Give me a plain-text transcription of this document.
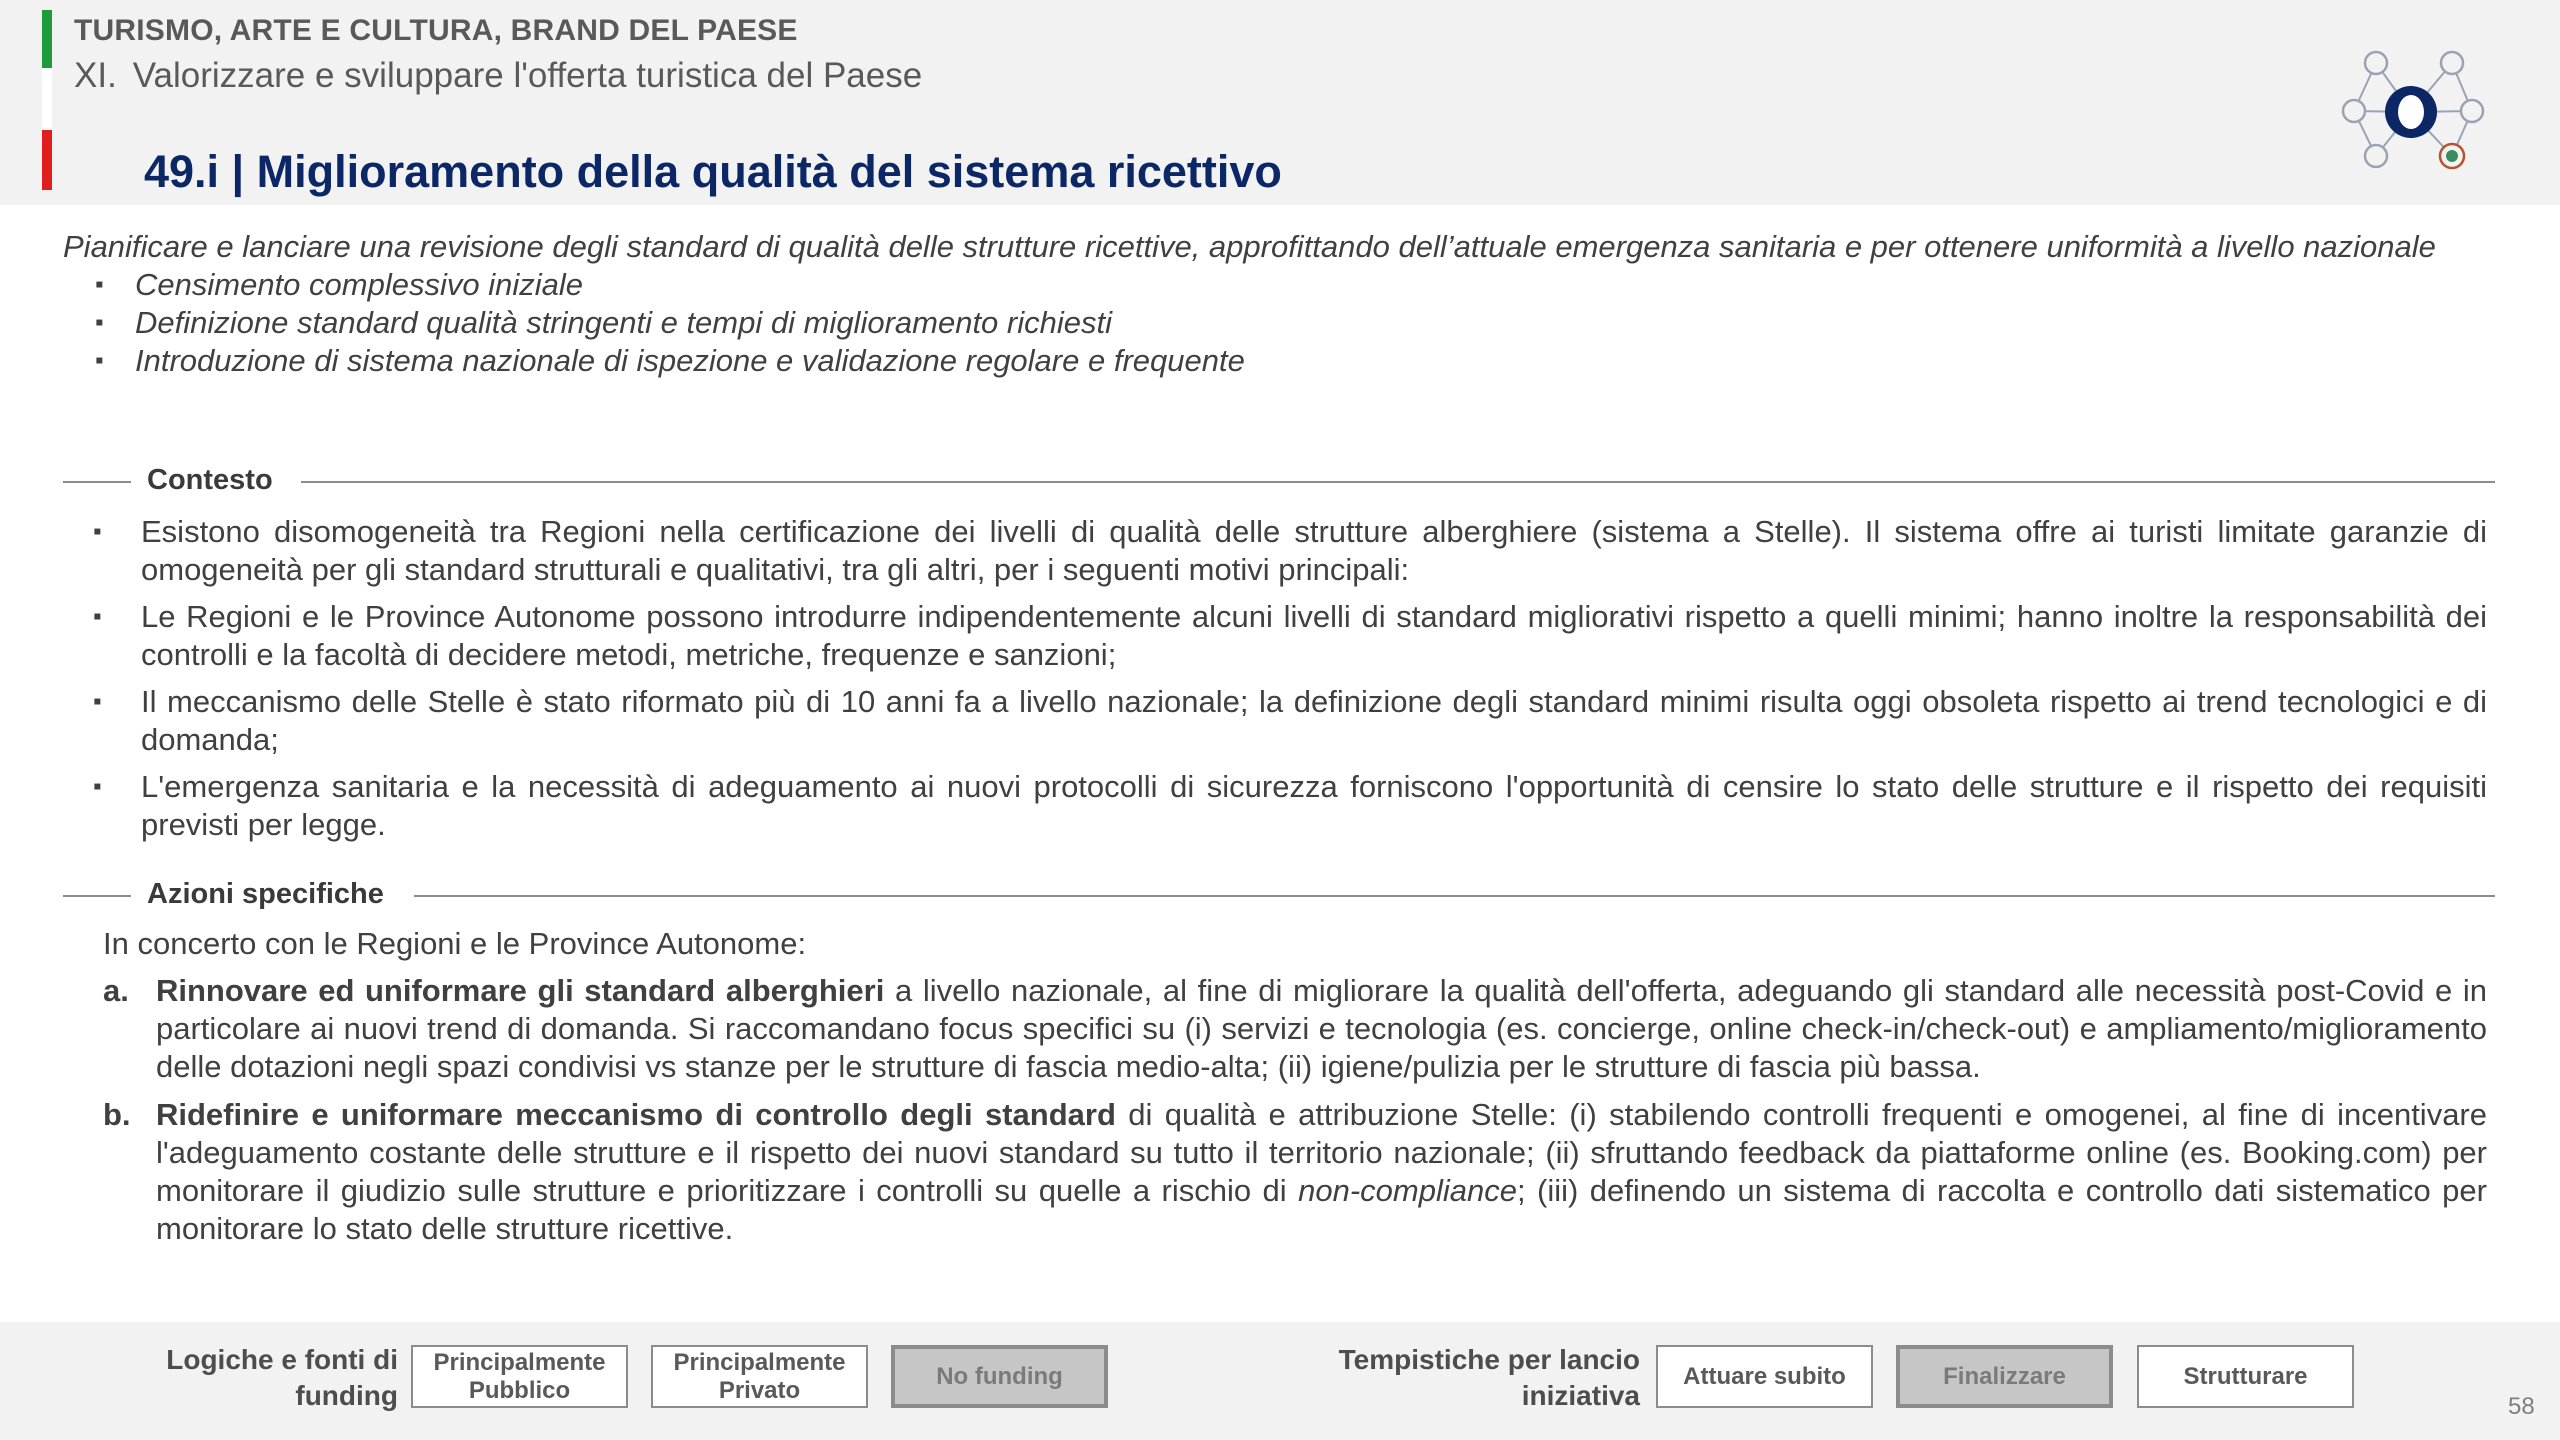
TURISMO, ARTE E CULTURA, BRAND DEL PAESE
XI. Valorizzare e sviluppare l'offerta turistica del Paese
49.i | Miglioramento della qualità del sistema ricettivo
Pianificare e lanciare una revisione degli standard di qualità delle strutture ricettive, approfittando dell’attuale emergenza sanitaria e per ottenere uniformità a livello nazionale
▪ Censimento complessivo iniziale
▪ Definizione standard qualità stringenti e tempi di miglioramento richiesti
▪ Introduzione di sistema nazionale di ispezione e validazione regolare e frequente
Contesto
▪ Esistono disomogeneità tra Regioni nella certificazione dei livelli di qualità delle strutture alberghiere (sistema a Stelle). Il sistema offre ai turisti limitate garanzie di omogeneità per gli standard strutturali e qualitativi, tra gli altri, per i seguenti motivi principali:
▪ Le Regioni e le Province Autonome possono introdurre indipendentemente alcuni livelli di standard migliorativi rispetto a quelli minimi; hanno inoltre la responsabilità dei controlli e la facoltà di decidere metodi, metriche, frequenze e sanzioni;
▪ Il meccanismo delle Stelle è stato riformato più di 10 anni fa a livello nazionale; la definizione degli standard minimi risulta oggi obsoleta rispetto ai trend tecnologici e di domanda;
▪ L'emergenza sanitaria e la necessità di adeguamento ai nuovi protocolli di sicurezza forniscono l'opportunità di censire lo stato delle strutture e il rispetto dei requisiti previsti per legge.
Azioni specifiche
In concerto con le Regioni e le Province Autonome:
a. Rinnovare ed uniformare gli standard alberghieri a livello nazionale, al fine di migliorare la qualità dell'offerta, adeguando gli standard alle necessità post-Covid e in particolare ai nuovi trend di domanda. Si raccomandano focus specifici su (i) servizi e tecnologia (es. concierge, online check-in/check-out) e ampliamento/miglioramento delle dotazioni negli spazi condivisi vs stanze per le strutture di fascia medio-alta; (ii) igiene/pulizia per le strutture di fascia più bassa.
b. Ridefinire e uniformare meccanismo di controllo degli standard di qualità e attribuzione Stelle: (i) stabilendo controlli frequenti e omogenei, al fine di incentivare l'adeguamento costante delle strutture e il rispetto dei nuovi standard su tutto il territorio nazionale; (ii) sfruttando feedback da piattaforme online (es. Booking.com) per monitorare il giudizio sulle strutture e prioritizzare i controlli su quelle a rischio di non-compliance; (iii) definendo un sistema di raccolta e controllo dati sistematico per monitorare lo stato delle strutture ricettive.
Logiche e fonti di
funding
Principalmente
Pubblico
Principalmente
Privato
No funding
Tempistiche per lancio
iniziativa
Attuare subito	Finalizzare	Strutturare
58
